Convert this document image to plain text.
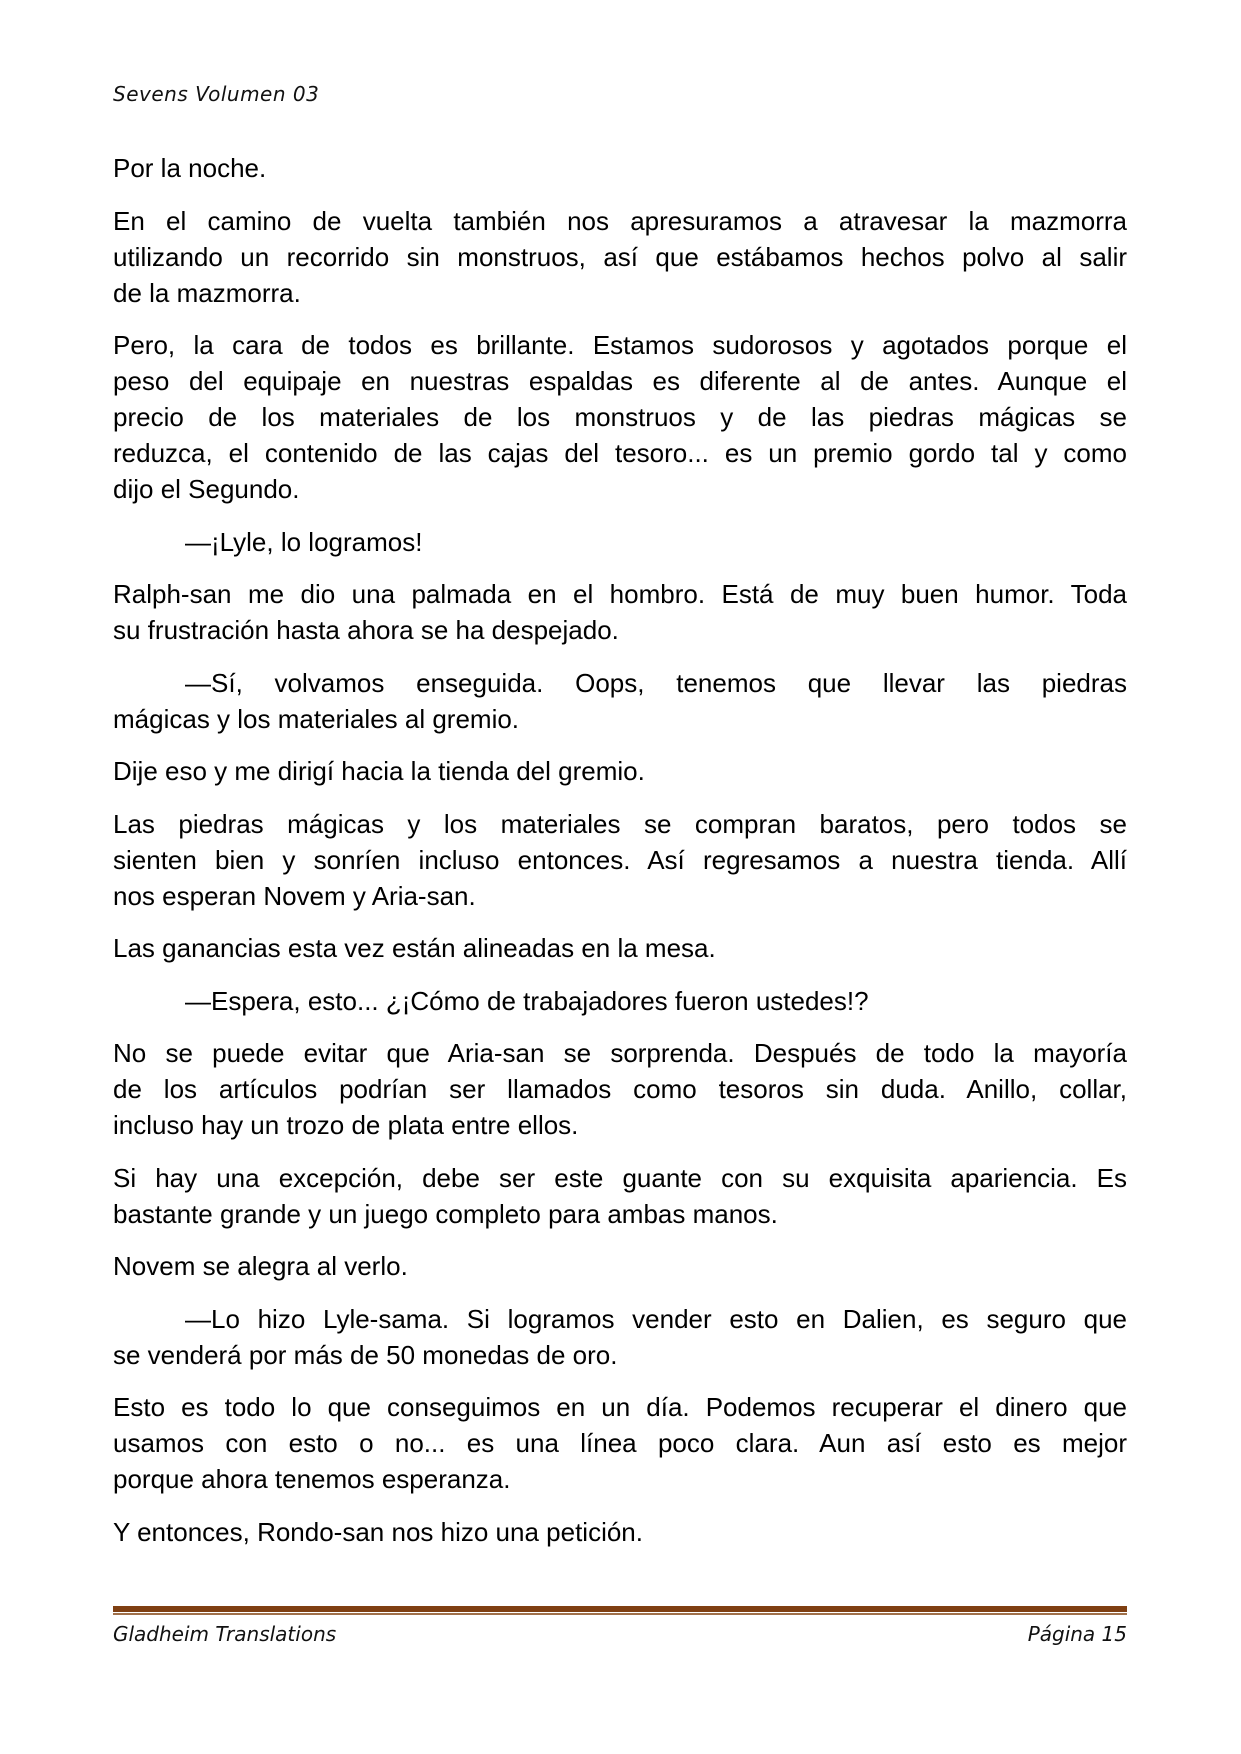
Sevens Volumen 03
Por la noche.
En el camino de vuelta también nos apresuramos a atravesar la mazmorra
utilizando un recorrido sin monstruos, así que estábamos hechos polvo al salir
de la mazmorra.
Pero, la cara de todos es brillante. Estamos sudorosos y agotados porque el
peso del equipaje en nuestras espaldas es diferente al de antes. Aunque el
precio de los materiales de los monstruos y de las piedras mágicas se
reduzca, el contenido de las cajas del tesoro... es un premio gordo tal y como
dijo el Segundo.
—¡Lyle, lo logramos!
Ralph-san me dio una palmada en el hombro. Está de muy buen humor. Toda
su frustración hasta ahora se ha despejado.
—Sí, volvamos enseguida. Oops, tenemos que llevar las piedras
mágicas y los materiales al gremio.
Dije eso y me dirigí hacia la tienda del gremio.
Las piedras mágicas y los materiales se compran baratos, pero todos se
sienten bien y sonríen incluso entonces. Así regresamos a nuestra tienda. Allí
nos esperan Novem y Aria-san.
Las ganancias esta vez están alineadas en la mesa.
—Espera, esto... ¿¡Cómo de trabajadores fueron ustedes!?
No se puede evitar que Aria-san se sorprenda. Después de todo la mayoría
de los artículos podrían ser llamados como tesoros sin duda. Anillo, collar,
incluso hay un trozo de plata entre ellos.
Si hay una excepción, debe ser este guante con su exquisita apariencia. Es
bastante grande y un juego completo para ambas manos.
Novem se alegra al verlo.
—Lo hizo Lyle-sama. Si logramos vender esto en Dalien, es seguro que
se venderá por más de 50 monedas de oro.
Esto es todo lo que conseguimos en un día. Podemos recuperar el dinero que
usamos con esto o no... es una línea poco clara. Aun así esto es mejor
porque ahora tenemos esperanza.
Y entonces, Rondo-san nos hizo una petición.
Gladheim Translations	Página 15
